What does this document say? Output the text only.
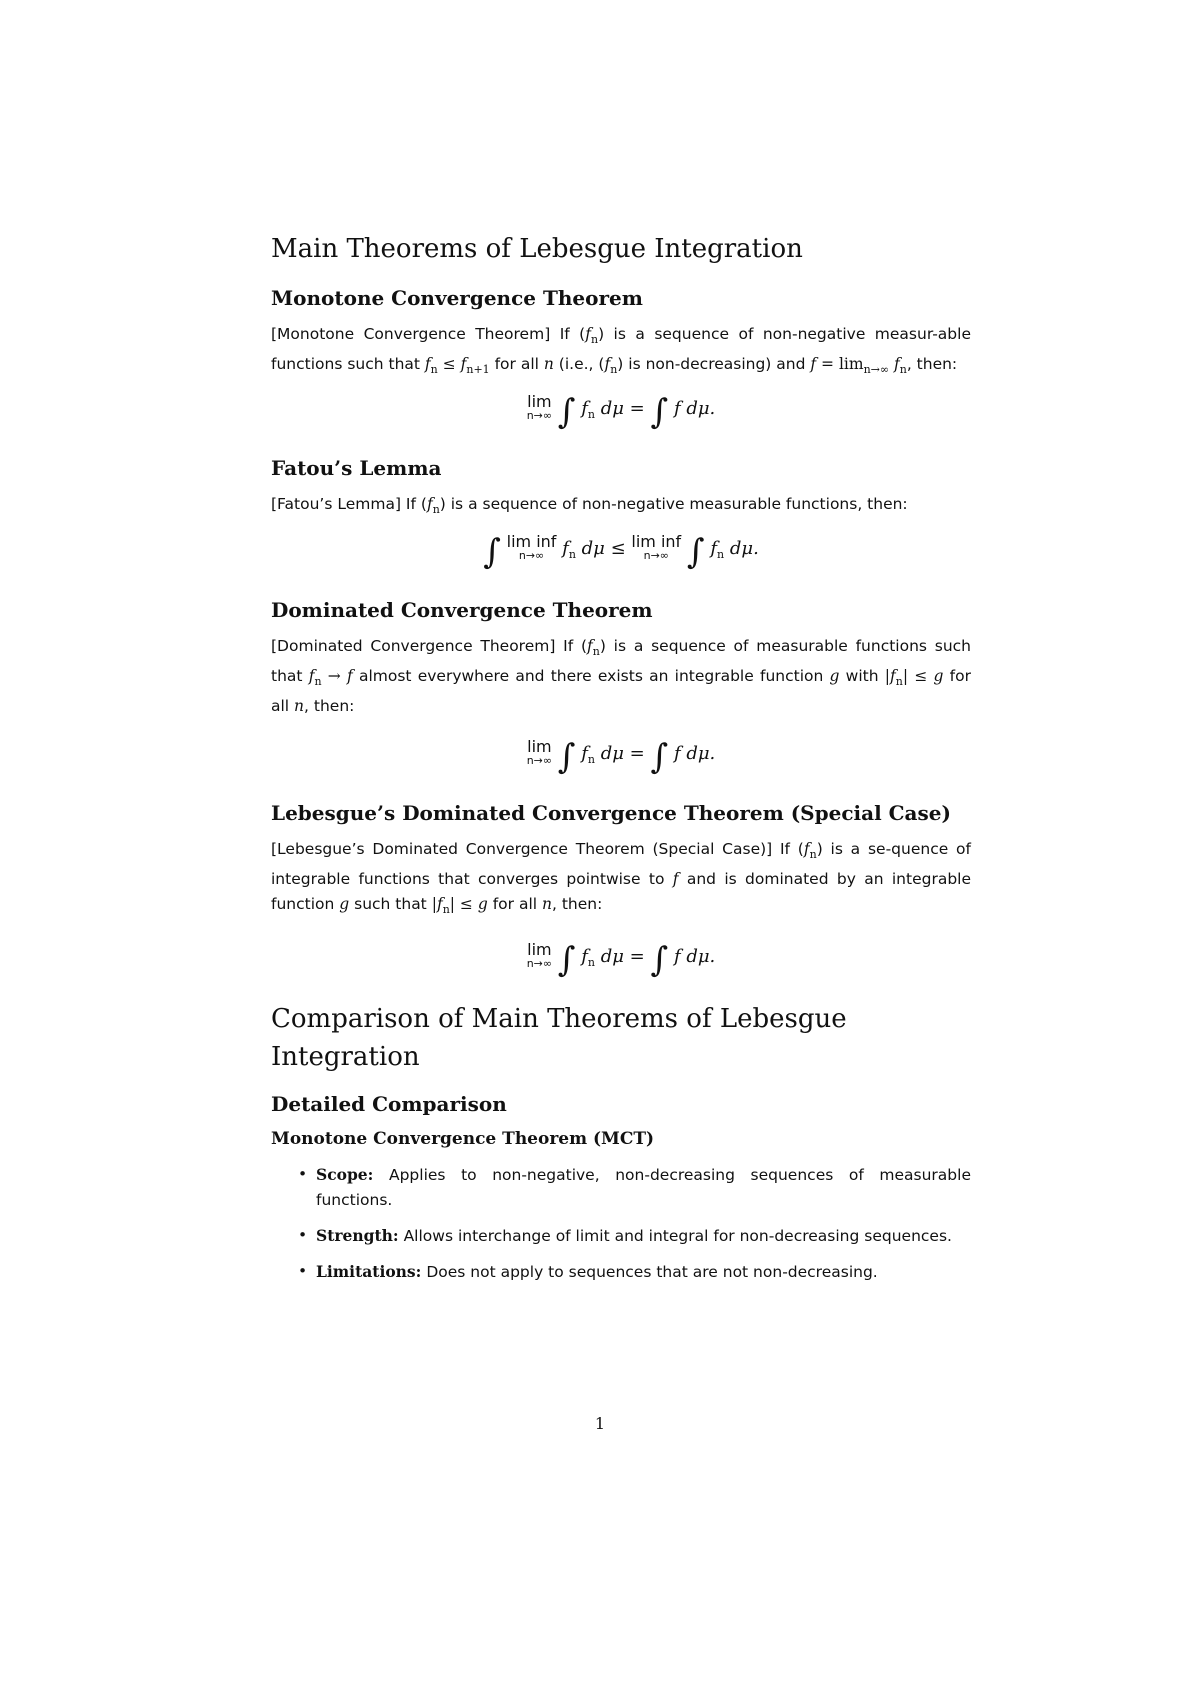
Main Theorems of Lebesgue Integration
Monotone Convergence Theorem

[Monotone Convergence Theorem] If $(f_n)$ is a sequence of non-negative measur-able functions such that $f_n \le f_{n+1}$ for all n (i.e., $(f_n)$ is non-decreasing) and $f = \lim_{n\to\infty} f_n$, then:

lim
n→∞ ∫ $f_n$ dμ = ∫ f dμ.
Fatou’s Lemma

[Fatou’s Lemma] If $(f_n)$ is a sequence of non-negative measurable functions, then:

∫ lim inf
n→∞ $f_n$ dμ ≤ lim inf
n→∞ ∫ $f_n$ dμ.
Dominated Convergence Theorem

[Dominated Convergence Theorem] If $(f_n)$ is a sequence of measurable functions such that $f_n \to f$ almost everywhere and there exists an integrable function g with $|f_n| \le g$ for all n, then:

lim
n→∞ ∫ $f_n$ dμ = ∫ f dμ.
Lebesgue’s Dominated Convergence Theorem (Special Case)

[Lebesgue’s Dominated Convergence Theorem (Special Case)] If $(f_n)$ is a se-quence of integrable functions that converges pointwise to f and is dominated by an integrable function g such that $|f_n| \le g$ for all n, then:

lim
n→∞ ∫ $f_n$ dμ = ∫ f dμ.
Comparison of Main Theorems of Lebesgue Integration
Detailed Comparison
Monotone Convergence Theorem (MCT)
• Scope: Applies to non-negative, non-decreasing sequences of measurable functions.
• Strength: Allows interchange of limit and integral for non-decreasing sequences.
• Limitations: Does not apply to sequences that are not non-decreasing.
1
